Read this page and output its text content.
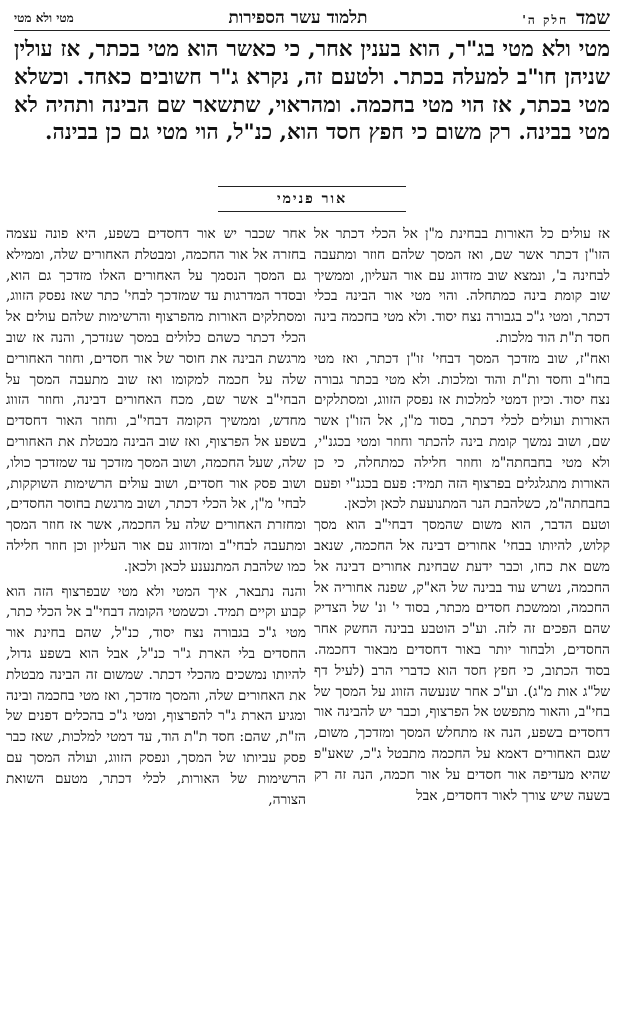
שמד
חלק ה'
תלמוד עשר הספירות
מטי ולא מטי
מטי ולא מטי בג"ר, הוא בענין אחר, כי כאשר הוא מטי בכתר, אז עולין שניהן חו"ב למעלה בכתר. ולטעם זה, נקרא ג"ר חשובים כאחד. וכשלא מטי בכתר, אז הוי מטי בחכמה. ומהראוי, שתשאר שם הבינה ותהיה לא מטי בבינה. רק משום כי חפץ חסד הוא, כנ"ל, הוי מטי גם כן בבינה.
אור פנימי

אז עולים כל האורות בבחינת מ"ן אל הכלי דכתר אל הזו"ן דכתר אשר שם, ואז המסך שלהם חוזר ומתעבה לבחינה ב', ונמצא שוב מזדווג עם אור העליון, וממשיך שוב קומת בינה כמתחלה. והוי מטי אור הבינה בכלי דכתר, ומטי ג"כ בגבורה נצח יסוד. ולא מטי בחכמה בינה חסד ת"ת הוד מלכות.

ואח"ז, שוב מזדכך המסך דבחי' זו"ן דכתר, ואז מטי בחו"ב וחסד ות"ת והוד ומלכות. ולא מטי בכתר גבורה נצח יסוד. וכיון דמטי למלכות אז נפסק הזווג, ומסתלקים האורות ועולים לכלי דכתר, בסוד מ"ן, אל הזו"ן אשר שם, ושוב נמשך קומת בינה להכתר וחוזר ומטי בכגנ"י, ולא מטי בחבחתה"מ וחוזר חלילה כמתחלה, כי כן האורות מתגלגלים בפרצוף הזה תמיד: פעם בכגנ"י ופעם בחבחתה"מ, כשלהבת הנר המתנועעת לכאן ולכאן.

וטעם הדבר, הוא משום שהמסך דבחי"ב הוא מסך קלוש, להיותו בבחי' אחורים דבינה אל החכמה, שנאב משם את כחו, וכבר ידעת שבחינת אחורים דבינה אל החכמה, נשרש עוד בבינה של הא"ק, שפנה אחוריה אל החכמה, וממשכת חסדים מכתר, בסוד י' ונ' של הצדיק שהם הפכים זה לזה. וע"כ הוטבע בבינה החשק אחר החסדים, ולבחור יותר באור דחסדים מבאור דחכמה. בסוד הכתוב, כי חפץ חסד הוא כדברי הרב (לעיל דף של"ג אות מ"ג). וע"כ אחר שנעשה הזווג על המסך של בחי"ב, והאור מתפשט אל הפרצוף, וכבר יש להבינה אור דחסדים בשפע, הנה אז מתחלש המסך ומזדכך, משום, שגם האחורים דאמא על החכמה מתבטל ג"כ, שאע"פ שהיא מעדיפה אור חסדים על אור חכמה, הנה זה רק בשעה שיש צורך לאור דחסדים, אבל

אחר שכבר יש אור דחסדים בשפע, היא פונה עצמה בחזרה אל אור החכמה, ומבטלת האחורים שלה, וממילא גם המסך הנסמך על האחורים האלו מזדכך גם הוא, ובסדר המדרגות עד שמזדכך לבחי' כתר שאז נפסק הזווג, ומסתלקים האורות מהפרצוף והרשימות שלהם עולים אל הכלי דכתר כשהם כלולים במסך שנזדכך, והנה אז שוב מרגשת הבינה את חוסר של אור חסדים, וחוזר האחורים שלה על חכמה למקומו ואז שוב מתעבה המסך על הבחי"ב אשר שם, מכח האחורים דבינה, וחוזר הזווג מחדש, וממשיך הקומה דבחי"ב, וחוזר האור דחסדים בשפע אל הפרצוף, ואז שוב הבינה מבטלת את האחורים שלה, שעל החכמה, ושוב המסך מזדכך עד שמזדכך כולו, ושוב פסק אור חסדים, ושוב עולים הרשימות השוקקות, לבחי' מ"ן, אל הכלי דכתר, ושוב מרגשת בחוסר החסדים, ומחזרת האחורים שלה על החכמה, אשר אז חוזר המסך ומתעבה לבחי"ב ומזדווג עם אור העליון וכן חוזר חלילה כמו שלהבת המתנענע לכאן ולכאן.

והנה נתבאר, איך המטי ולא מטי שבפרצוף הזה הוא קבוע וקיים תמיד. וכשמטי הקומה דבחי"ב אל הכלי כתר, מטי ג"כ בגבורה נצח יסוד, כנ"ל, שהם בחינת אור החסדים בלי הארת ג"ר כנ"ל, אבל הוא בשפע גדול, להיותו נמשכים מהכלי דכתר. שמשום זה הבינה מבטלת את האחורים שלה, והמסך מזדכך, ואז מטי בחכמה ובינה ומגיע הארת ג"ר להפרצוף, ומטי ג"כ בהכלים דפנים של הז"ת, שהם: חסד ת"ת הוד, עד דמטי למלכות, שאז כבר פסק עביותו של המסך, ונפסק הזווג, ועולה המסך עם הרשימות של האורות, לכלי דכתר, מטעם השואת הצורה,
